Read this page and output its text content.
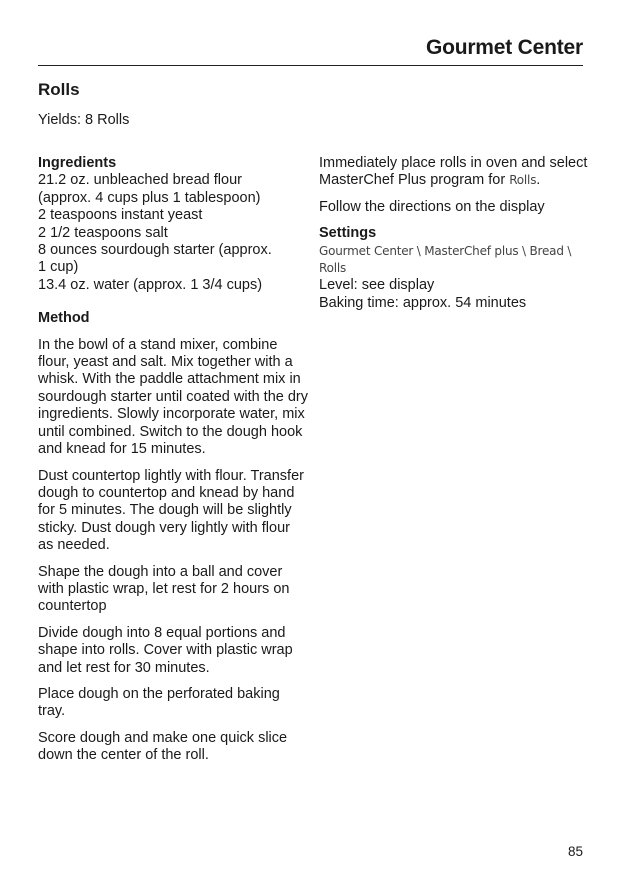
Gourmet Center
Rolls

Yields: 8 Rolls

Ingredients

21.2 oz. unbleached bread flour

(approx. 4 cups plus 1 tablespoon)

2 teaspoons instant yeast

2 1/2 teaspoons salt

8 ounces sourdough starter (approx.

1 cup)

13.4 oz. water (approx. 1 3/4 cups)

Method

In the bowl of a stand mixer, combine flour, yeast and salt. Mix together with a whisk. With the paddle attachment mix in sourdough starter until coated with the dry ingredients. Slowly incorporate water, mix until combined. Switch to the dough hook and knead for 15 minutes.

Dust countertop lightly with flour. Transfer dough to countertop and knead by hand for 5 minutes. The dough will be slightly sticky. Dust dough very lightly with flour as needed.

Shape the dough into a ball and cover with plastic wrap, let rest for 2 hours on countertop

Divide dough into 8 equal portions and shape into rolls. Cover with plastic wrap and let rest for 30 minutes.

Place dough on the perforated baking tray.

Score dough and make one quick slice down the center of the roll.

Immediately place rolls in oven and select MasterChef Plus program for Rolls.

Follow the directions on the display

Settings

Gourmet Center \ MasterChef plus \ Bread \ Rolls

Level: see display

Baking time: approx. 54 minutes

85
